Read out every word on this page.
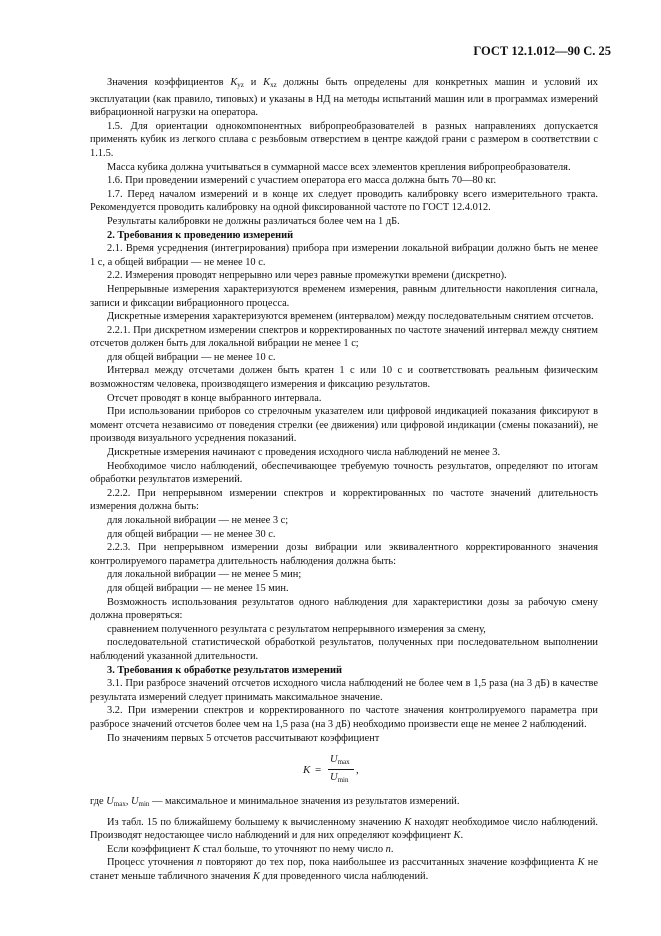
ГОСТ 12.1.012—90 С. 25

Значения коэффициентов $K_{yz}$ и $K_{xz}$ должны быть определены для конкретных машин и условий их эксплуатации (как правило, типовых) и указаны в НД на методы испытаний машин или в программах измерений вибрационной нагрузки на оператора.

1.5. Для ориентации однокомпонентных вибропреобразователей в разных направлениях допускается применять кубик из легкого сплава с резьбовым отверстием в центре каждой грани с размером в соответствии с 1.1.5.

Масса кубика должна учитываться в суммарной массе всех элементов крепления вибропреобразователя.

1.6. При проведении измерений с участием оператора его масса должна быть 70—80 кг.

1.7. Перед началом измерений и в конце их следует проводить калибровку всего измерительного тракта. Рекомендуется проводить калибровку на одной фиксированной частоте по ГОСТ 12.4.012.

Результаты калибровки не должны различаться более чем на 1 дБ.

2. Требования к проведению измерений

2.1. Время усреднения (интегрирования) прибора при измерении локальной вибрации должно быть не менее 1 с, а общей вибрации — не менее 10 с.

2.2. Измерения проводят непрерывно или через равные промежутки времени (дискретно).

Непрерывные измерения характеризуются временем измерения, равным длительности накопления сигнала, записи и фиксации вибрационного процесса.

Дискретные измерения характеризуются временем (интервалом) между последовательным снятием отсчетов.

2.2.1. При дискретном измерении спектров и корректированных по частоте значений интервал между снятием отсчетов должен быть для локальной вибрации не менее 1 с;

для общей вибрации — не менее 10 с.

Интервал между отсчетами должен быть кратен 1 с или 10 с и соответствовать реальным физическим возможностям человека, производящего измерения и фиксацию результатов.

Отсчет проводят в конце выбранного интервала.

При использовании приборов со стрелочным указателем или цифровой индикацией показания фиксируют в момент отсчета независимо от поведения стрелки (ее движения) или цифровой индикации (смены показаний), не производя визуального усреднения показаний.

Дискретные измерения начинают с проведения исходного числа наблюдений не менее 3.

Необходимое число наблюдений, обеспечивающее требуемую точность результатов, определяют по итогам обработки результатов измерений.

2.2.2. При непрерывном измерении спектров и корректированных по частоте значений длительность измерения должна быть:

для локальной вибрации — не менее 3 с;

для общей вибрации — не менее 30 с.

2.2.3. При непрерывном измерении дозы вибрации или эквивалентного корректированного значения контролируемого параметра длительность наблюдения должна быть:

для локальной вибрации — не менее 5 мин;

для общей вибрации — не менее 15 мин.

Возможность использования результатов одного наблюдения для характеристики дозы за рабочую смену должна проверяться:

сравнением полученного результата с результатом непрерывного измерения за смену,

последовательной статистической обработкой результатов, полученных при последовательном выполнении наблюдений указанной длительности.

3. Требования к обработке результатов измерений

3.1. При разбросе значений отсчетов исходного числа наблюдений не более чем в 1,5 раза (на 3 дБ) в качестве результата измерений следует принимать максимальное значение.

3.2. При измерении спектров и корректированного по частоте значения контролируемого параметра при разбросе значений отсчетов более чем на 1,5 раза (на 3 дБ) необходимо произвести еще не менее 2 наблюдений.

По значениям первых 5 отсчетов рассчитывают коэффициент

K =
$U_{max}$
$U_{min}$
,

где $U_{max}$, $U_{min}$ — максимальное и минимальное значения из результатов измерений.

Из табл. 15 по ближайшему большему к вычисленному значению K находят необходимое число наблюдений. Производят недостающее число наблюдений и для них определяют коэффициент K.

Если коэффициент K стал больше, то уточняют по нему число n.

Процесс уточнения n повторяют до тех пор, пока наибольшее из рассчитанных значение коэффициента K не станет меньше табличного значения K для проведенного числа наблюдений.
